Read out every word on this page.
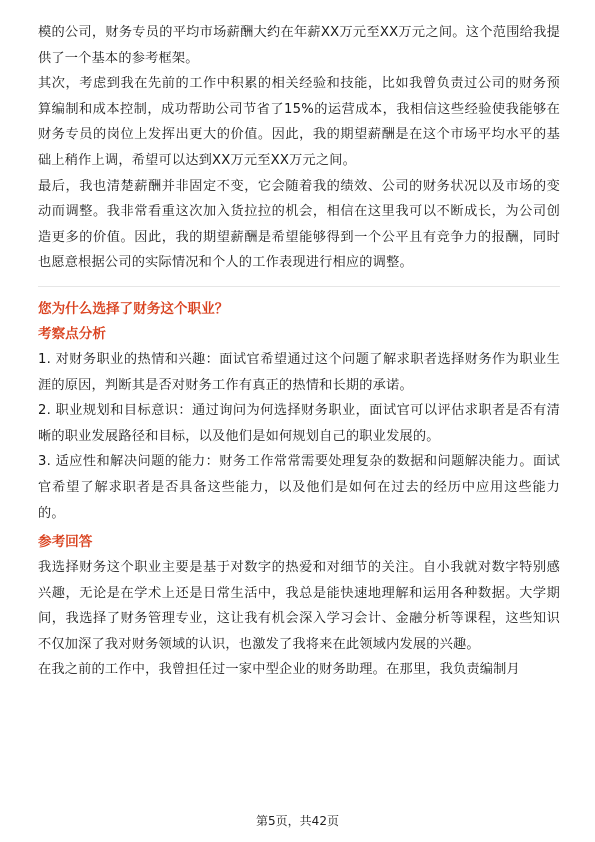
模的公司，财务专员的平均市场薪酬大约在年薪XX万元至XX万元之间。这个范围给我提供了一个基本的参考框架。

其次，考虑到我在先前的工作中积累的相关经验和技能，比如我曾负责过公司的财务预算编制和成本控制，成功帮助公司节省了15%的运营成本，我相信这些经验使我能够在财务专员的岗位上发挥出更大的价值。因此，我的期望薪酬是在这个市场平均水平的基础上稍作上调，希望可以达到XX万元至XX万元之间。

最后，我也清楚薪酬并非固定不变，它会随着我的绩效、公司的财务状况以及市场的变动而调整。我非常看重这次加入货拉拉的机会，相信在这里我可以不断成长，为公司创造更多的价值。因此，我的期望薪酬是希望能够得到一个公平且有竞争力的报酬，同时也愿意根据公司的实际情况和个人的工作表现进行相应的调整。

您为什么选择了财务这个职业？

考察点分析

1. 对财务职业的热情和兴趣：面试官希望通过这个问题了解求职者选择财务作为职业生涯的原因，判断其是否对财务工作有真正的热情和长期的承诺。

2. 职业规划和目标意识：通过询问为何选择财务职业，面试官可以评估求职者是否有清晰的职业发展路径和目标，以及他们是如何规划自己的职业发展的。

3. 适应性和解决问题的能力：财务工作常常需要处理复杂的数据和问题解决能力。面试官希望了解求职者是否具备这些能力，以及他们是如何在过去的经历中应用这些能力的。

参考回答

我选择财务这个职业主要是基于对数字的热爱和对细节的关注。自小我就对数字特别感兴趣，无论是在学术上还是日常生活中，我总是能快速地理解和运用各种数据。大学期间，我选择了财务管理专业，这让我有机会深入学习会计、金融分析等课程，这些知识不仅加深了我对财务领域的认识，也激发了我将来在此领域内发展的兴趣。

在我之前的工作中，我曾担任过一家中型企业的财务助理。在那里，我负责编制月

第5页，共42页
